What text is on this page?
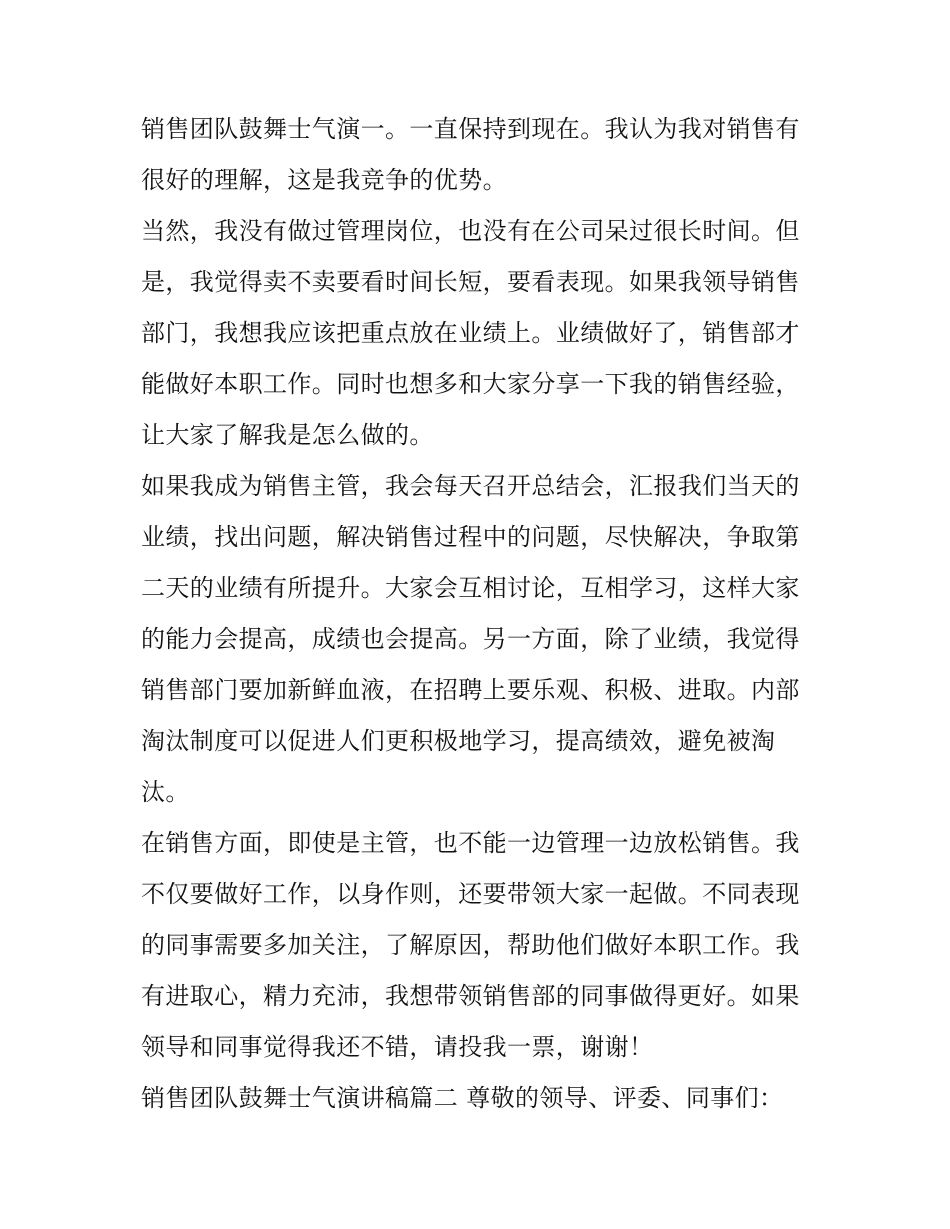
销售团队鼓舞士气演一。一直保持到现在。我认为我对销售有
很好的理解，这是我竞争的优势。
当然，我没有做过管理岗位，也没有在公司呆过很长时间。但
是，我觉得卖不卖要看时间长短，要看表现。如果我领导销售
部门，我想我应该把重点放在业绩上。业绩做好了，销售部才
能做好本职工作。同时也想多和大家分享一下我的销售经验，
让大家了解我是怎么做的。
如果我成为销售主管，我会每天召开总结会，汇报我们当天的
业绩，找出问题，解决销售过程中的问题，尽快解决，争取第
二天的业绩有所提升。大家会互相讨论，互相学习，这样大家
的能力会提高，成绩也会提高。另一方面，除了业绩，我觉得
销售部门要加新鲜血液，在招聘上要乐观、积极、进取。内部
淘汰制度可以促进人们更积极地学习，提高绩效，避免被淘
汰。
在销售方面，即使是主管，也不能一边管理一边放松销售。我
不仅要做好工作，以身作则，还要带领大家一起做。不同表现
的同事需要多加关注，了解原因，帮助他们做好本职工作。我
有进取心，精力充沛，我想带领销售部的同事做得更好。如果
领导和同事觉得我还不错，请投我一票，谢谢！
销售团队鼓舞士气演讲稿篇二 尊敬的领导、评委、同事们：
